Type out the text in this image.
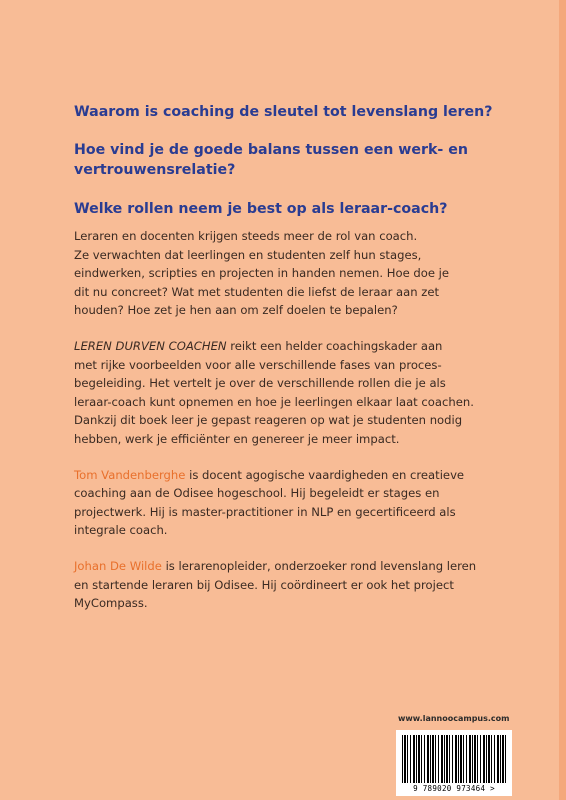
Waarom is coaching de sleutel tot levenslang leren?

Hoe vind je de goede balans tussen een werk- en
vertrouwensrelatie?

Welke rollen neem je best op als leraar-coach?

Leraren en docenten krijgen steeds meer de rol van coach.
Ze verwachten dat leerlingen en studenten zelf hun stages,
eindwerken, scripties en projecten in handen nemen. Hoe doe je
dit nu concreet? Wat met studenten die liefst de leraar aan zet
houden? Hoe zet je hen aan om zelf doelen te bepalen?

LEREN DURVEN COACHEN reikt een helder coachingskader aan
met rijke voorbeelden voor alle verschillende fases van proces-
begeleiding. Het vertelt je over de verschillende rollen die je als
leraar-coach kunt opnemen en hoe je leerlingen elkaar laat coachen.
Dankzij dit boek leer je gepast reageren op wat je studenten nodig
hebben, werk je efficiënter en genereer je meer impact.

Tom Vandenberghe is docent agogische vaardigheden en creatieve
coaching aan de Odisee hogeschool. Hij begeleidt er stages en
projectwerk. Hij is master-practitioner in NLP en gecertificeerd als
integrale coach.

Johan De Wilde is lerarenopleider, onderzoeker rond levenslang leren
en startende leraren bij Odisee. Hij coördineert er ook het project
MyCompass.

www.lannoocampus.com
9 789020 973464 >
